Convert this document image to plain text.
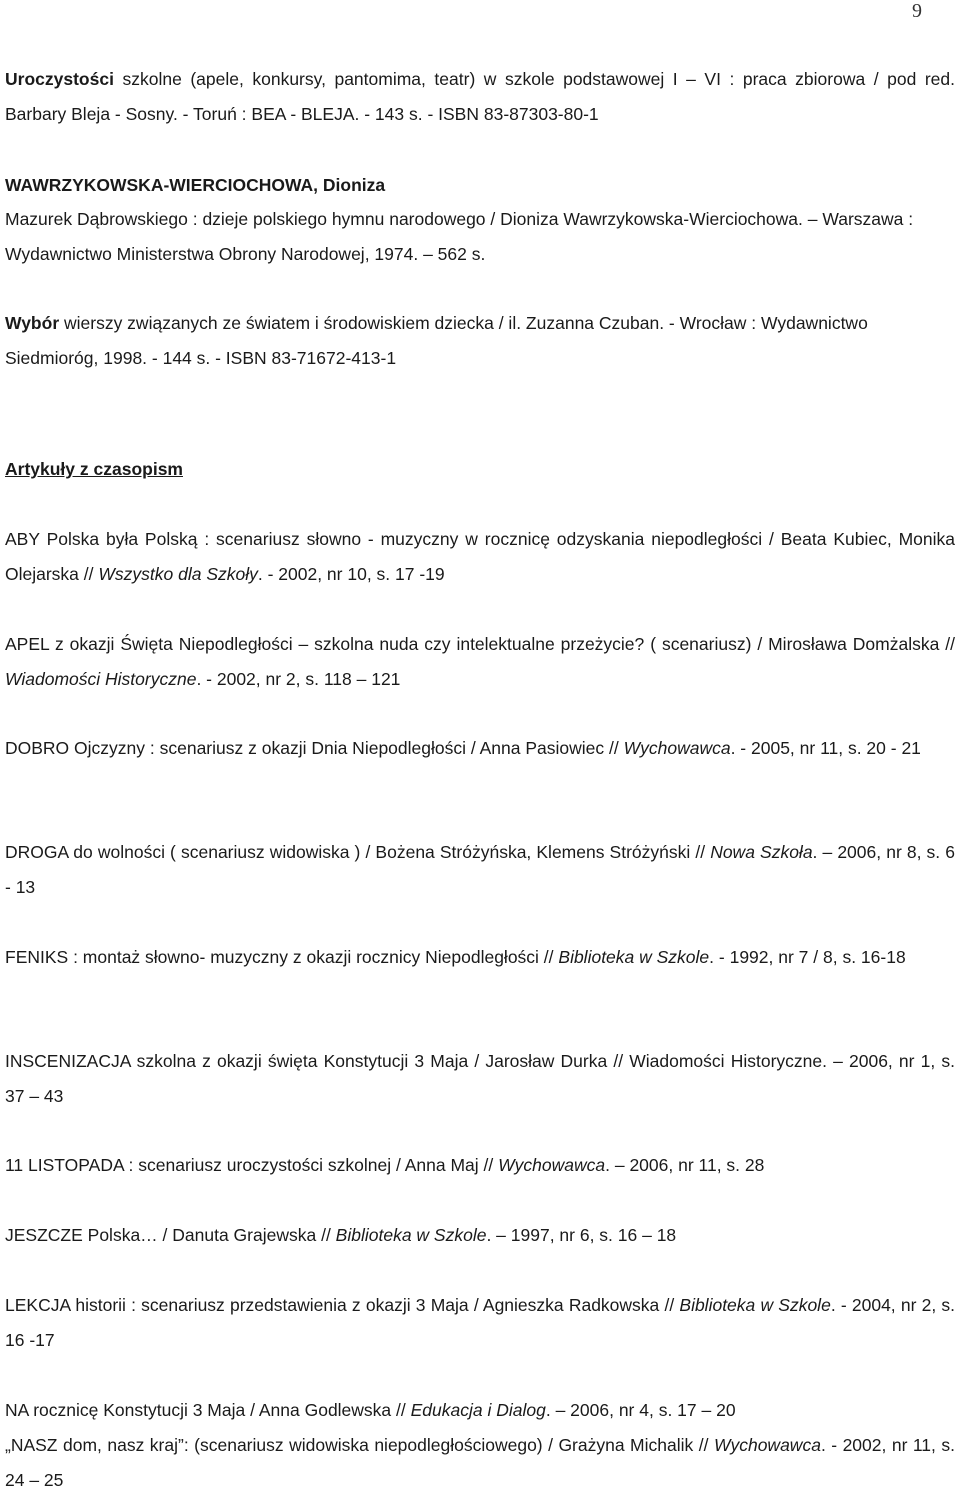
9

Uroczystości szkolne (apele, konkursy, pantomima, teatr) w szkole podstawowej I – VI : praca zbiorowa / pod red. Barbary Bleja - Sosny. - Toruń : BEA - BLEJA. - 143 s. - ISBN 83-87303-80-1

WAWRZYKOWSKA-WIERCIOCHOWA, Dioniza

Mazurek Dąbrowskiego : dzieje polskiego hymnu narodowego / Dioniza Wawrzykowska-Wierciochowa. – Warszawa : Wydawnictwo Ministerstwa Obrony Narodowej, 1974. – 562 s.

Wybór wierszy związanych ze światem i środowiskiem dziecka / il. Zuzanna Czuban. - Wrocław : Wydawnictwo Siedmioróg, 1998. - 144 s. - ISBN 83-71672-413-1

Artykuły z czasopism

ABY Polska była Polską : scenariusz słowno - muzyczny w rocznicę odzyskania niepodległości / Beata Kubiec, Monika Olejarska // Wszystko dla Szkoły. - 2002, nr 10, s. 17 -19

APEL z okazji Święta Niepodległości – szkolna nuda czy intelektualne przeżycie? ( scenariusz) / Mirosława Domżalska // Wiadomości Historyczne. - 2002, nr 2, s. 118 – 121

DOBRO Ojczyzny : scenariusz z okazji Dnia Niepodległości / Anna Pasiowiec // Wychowawca. - 2005, nr 11, s. 20 - 21

DROGA do wolności ( scenariusz widowiska ) / Bożena Stróżyńska, Klemens Stróżyński // Nowa Szkoła. – 2006, nr 8, s. 6 - 13

FENIKS : montaż słowno- muzyczny z okazji rocznicy Niepodległości // Biblioteka w Szkole. - 1992, nr 7 / 8, s. 16-18

INSCENIZACJA szkolna z okazji święta Konstytucji 3 Maja / Jarosław Durka // Wiadomości Historyczne. – 2006, nr 1, s. 37 – 43

11 LISTOPADA : scenariusz uroczystości szkolnej / Anna Maj // Wychowawca. – 2006, nr 11, s. 28

JESZCZE Polska… / Danuta Grajewska // Biblioteka w Szkole. – 1997, nr 6, s. 16 – 18

LEKCJA historii : scenariusz przedstawienia z okazji 3 Maja / Agnieszka Radkowska // Biblioteka w Szkole. - 2004, nr 2, s. 16 -17

NA rocznicę Konstytucji 3 Maja / Anna Godlewska // Edukacja i Dialog. – 2006, nr 4, s. 17 – 20

„NASZ dom, nasz kraj”: (scenariusz widowiska niepodległościowego) / Grażyna Michalik // Wychowawca. - 2002, nr 11, s. 24 – 25
